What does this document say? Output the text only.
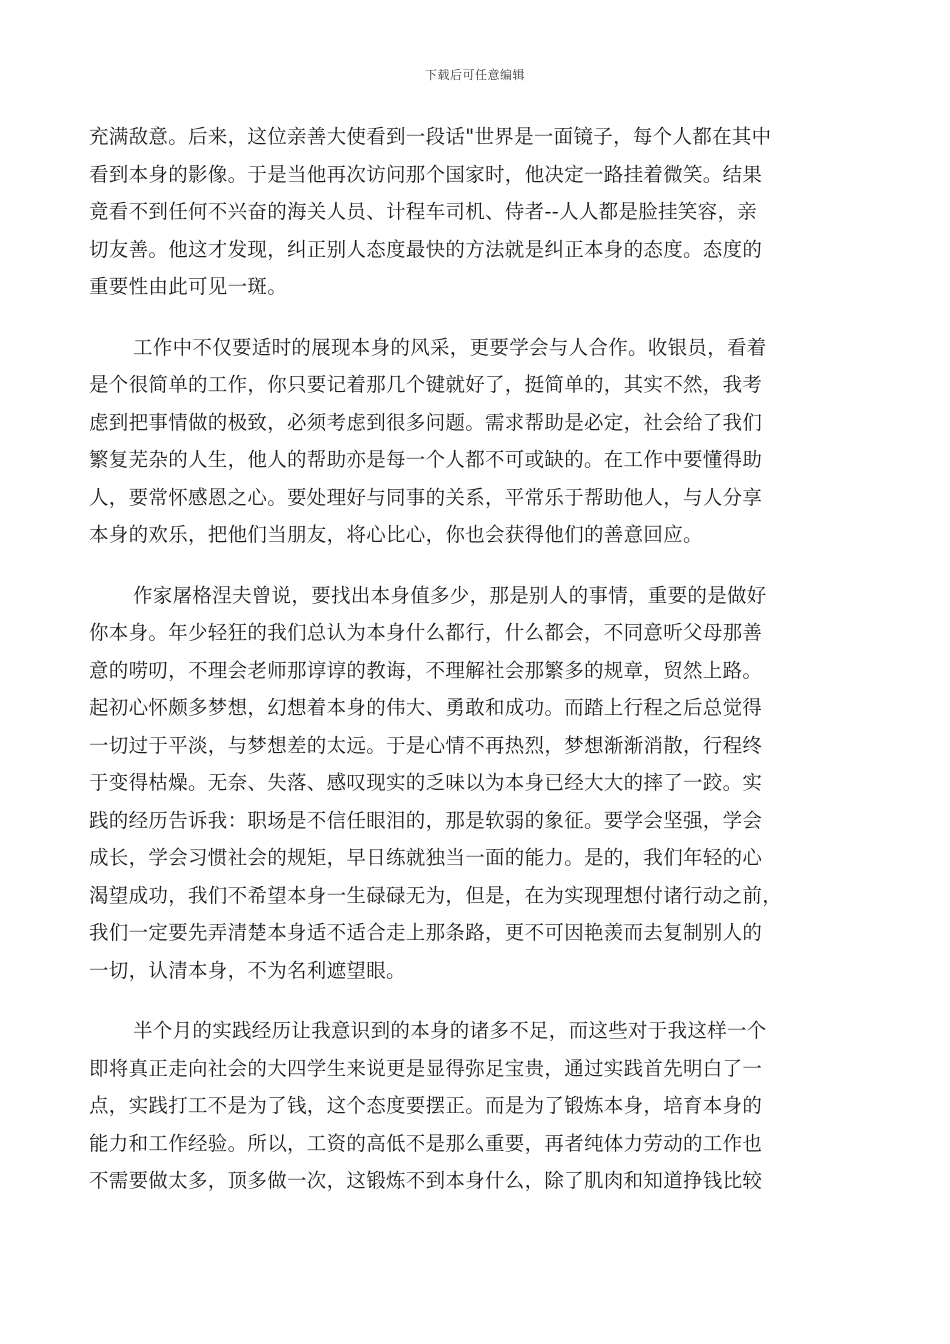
下载后可任意编辑
充满敌意。后来，这位亲善大使看到一段话"世界是一面镜子，每个人都在其中
看到本身的影像。于是当他再次访问那个国家时，他决定一路挂着微笑。结果
竟看不到任何不兴奋的海关人员、计程车司机、侍者--人人都是脸挂笑容，亲
切友善。他这才发现，纠正别人态度最快的方法就是纠正本身的态度。态度的
重要性由此可见一斑。
工作中不仅要适时的展现本身的风采，更要学会与人合作。收银员，看着
是个很简单的工作，你只要记着那几个键就好了，挺简单的，其实不然，我考
虑到把事情做的极致，必须考虑到很多问题。需求帮助是必定，社会给了我们
繁复芜杂的人生，他人的帮助亦是每一个人都不可或缺的。在工作中要懂得助
人，要常怀感恩之心。要处理好与同事的关系，平常乐于帮助他人，与人分享
本身的欢乐，把他们当朋友，将心比心，你也会获得他们的善意回应。
作家屠格涅夫曾说，要找出本身值多少，那是别人的事情，重要的是做好
你本身。年少轻狂的我们总认为本身什么都行，什么都会，不同意听父母那善
意的唠叨，不理会老师那谆谆的教诲，不理解社会那繁多的规章，贸然上路。
起初心怀颇多梦想，幻想着本身的伟大、勇敢和成功。而踏上行程之后总觉得
一切过于平淡，与梦想差的太远。于是心情不再热烈，梦想渐渐消散，行程终
于变得枯燥。无奈、失落、感叹现实的乏味以为本身已经大大的摔了一跤。实
践的经历告诉我：职场是不信任眼泪的，那是软弱的象征。要学会坚强，学会
成长，学会习惯社会的规矩，早日练就独当一面的能力。是的，我们年轻的心
渴望成功，我们不希望本身一生碌碌无为，但是，在为实现理想付诸行动之前，
我们一定要先弄清楚本身适不适合走上那条路，更不可因艳羡而去复制别人的
一切，认清本身，不为名利遮望眼。
半个月的实践经历让我意识到的本身的诸多不足，而这些对于我这样一个
即将真正走向社会的大四学生来说更是显得弥足宝贵，通过实践首先明白了一
点，实践打工不是为了钱，这个态度要摆正。而是为了锻炼本身，培育本身的
能力和工作经验。所以，工资的高低不是那么重要，再者纯体力劳动的工作也
不需要做太多，顶多做一次，这锻炼不到本身什么，除了肌肉和知道挣钱比较
